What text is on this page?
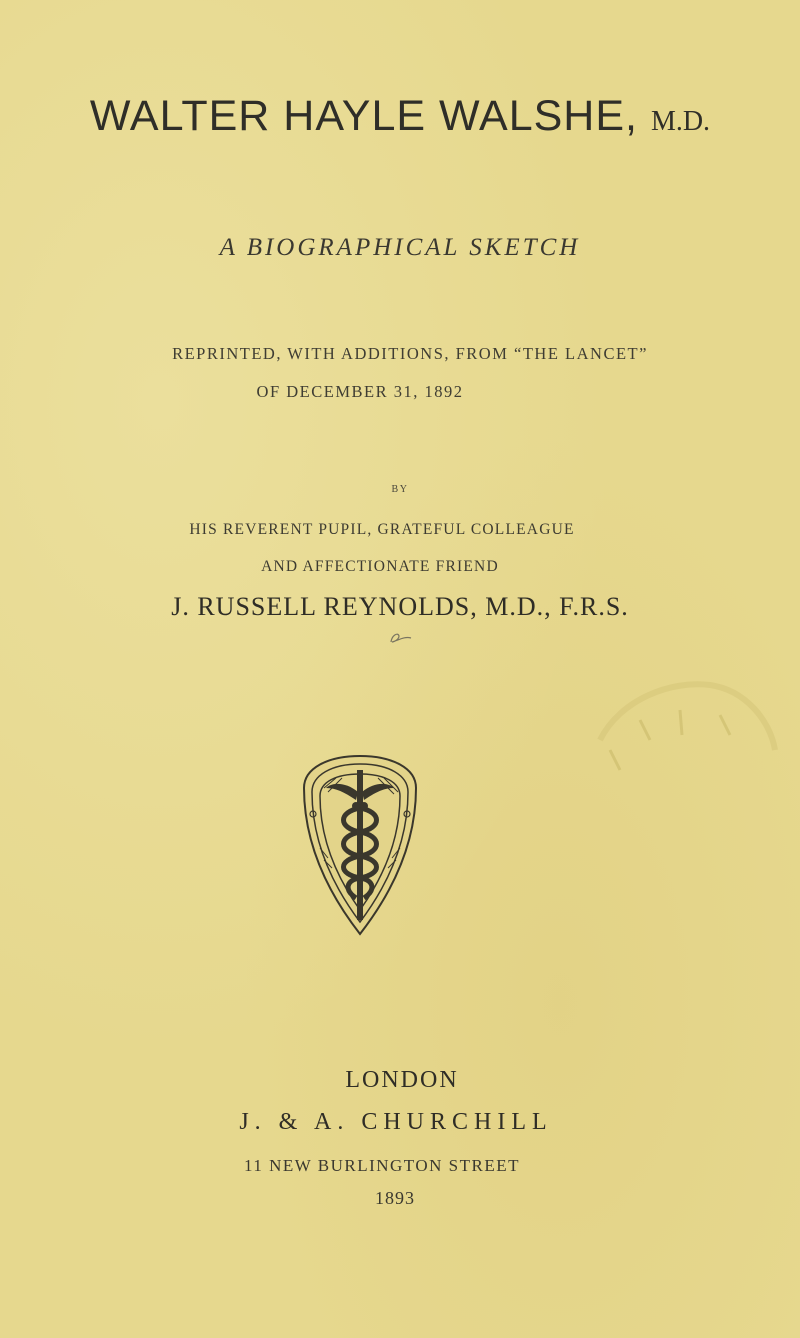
WALTER HAYLE WALSHE, M.D.
A BIOGRAPHICAL SKETCH
REPRINTED, WITH ADDITIONS, FROM “THE LANCET”
OF DECEMBER 31, 1892
BY
HIS REVERENT PUPIL, GRATEFUL COLLEAGUE
AND AFFECTIONATE FRIEND
J. RUSSELL REYNOLDS, M.D., F.R.S.
LONDON
J. & A. CHURCHILL
11 NEW BURLINGTON STREET
1893
